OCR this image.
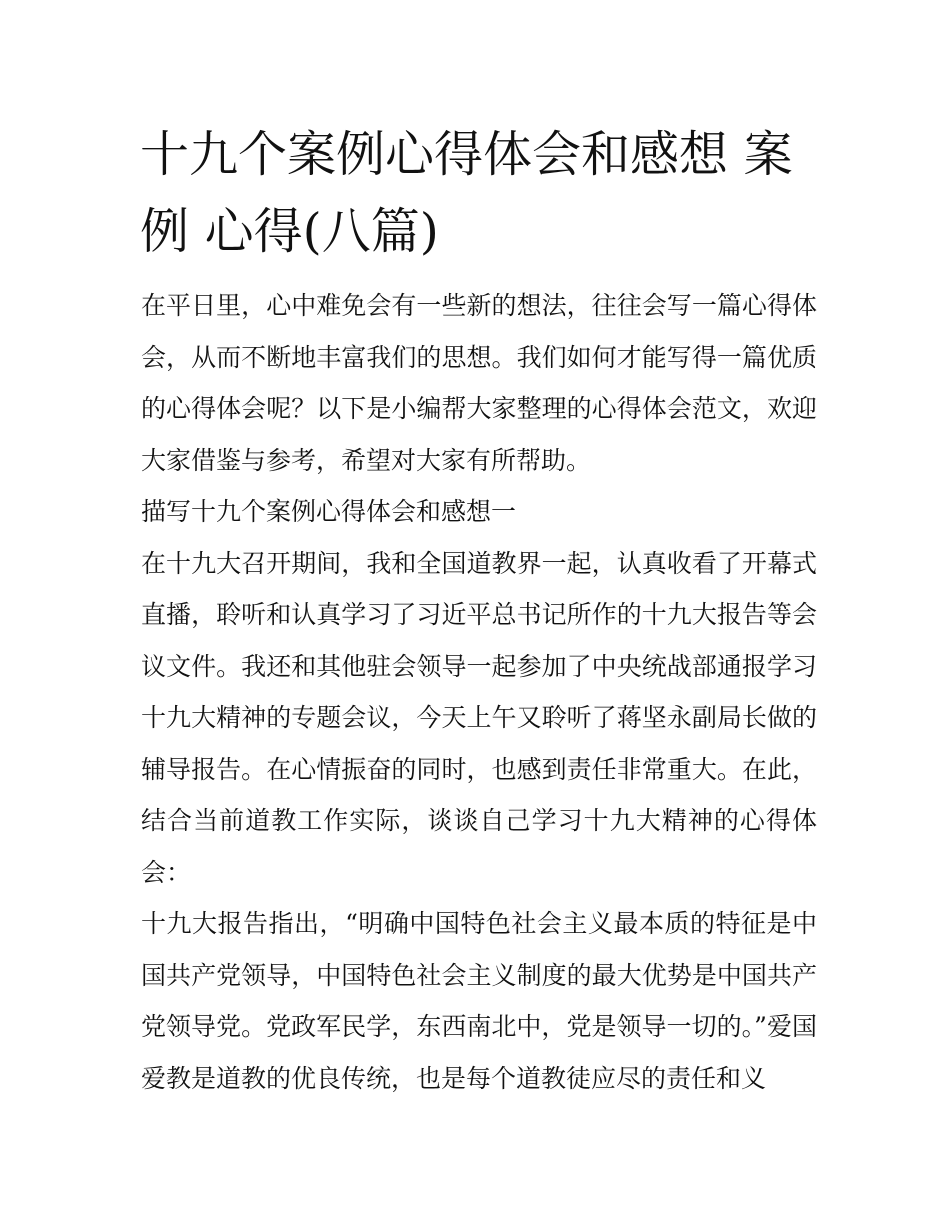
十九个案例心得体会和感想 案例 心得(八篇)

在平日里，心中难免会有一些新的想法，往往会写一篇心得体会，从而不断地丰富我们的思想。我们如何才能写得一篇优质的心得体会呢？以下是小编帮大家整理的心得体会范文，欢迎大家借鉴与参考，希望对大家有所帮助。

描写十九个案例心得体会和感想一

在十九大召开期间，我和全国道教界一起，认真收看了开幕式直播，聆听和认真学习了习近平总书记所作的十九大报告等会议文件。我还和其他驻会领导一起参加了中央统战部通报学习十九大精神的专题会议，今天上午又聆听了蒋坚永副局长做的辅导报告。在心情振奋的同时，也感到责任非常重大。在此，结合当前道教工作实际，谈谈自己学习十九大精神的心得体会：

十九大报告指出，“明确中国特色社会主义最本质的特征是中国共产党领导，中国特色社会主义制度的最大优势是中国共产党领导党。党政军民学，东西南北中，党是领导一切的。”爱国爱教是道教的优良传统，也是每个道教徒应尽的责任和义
